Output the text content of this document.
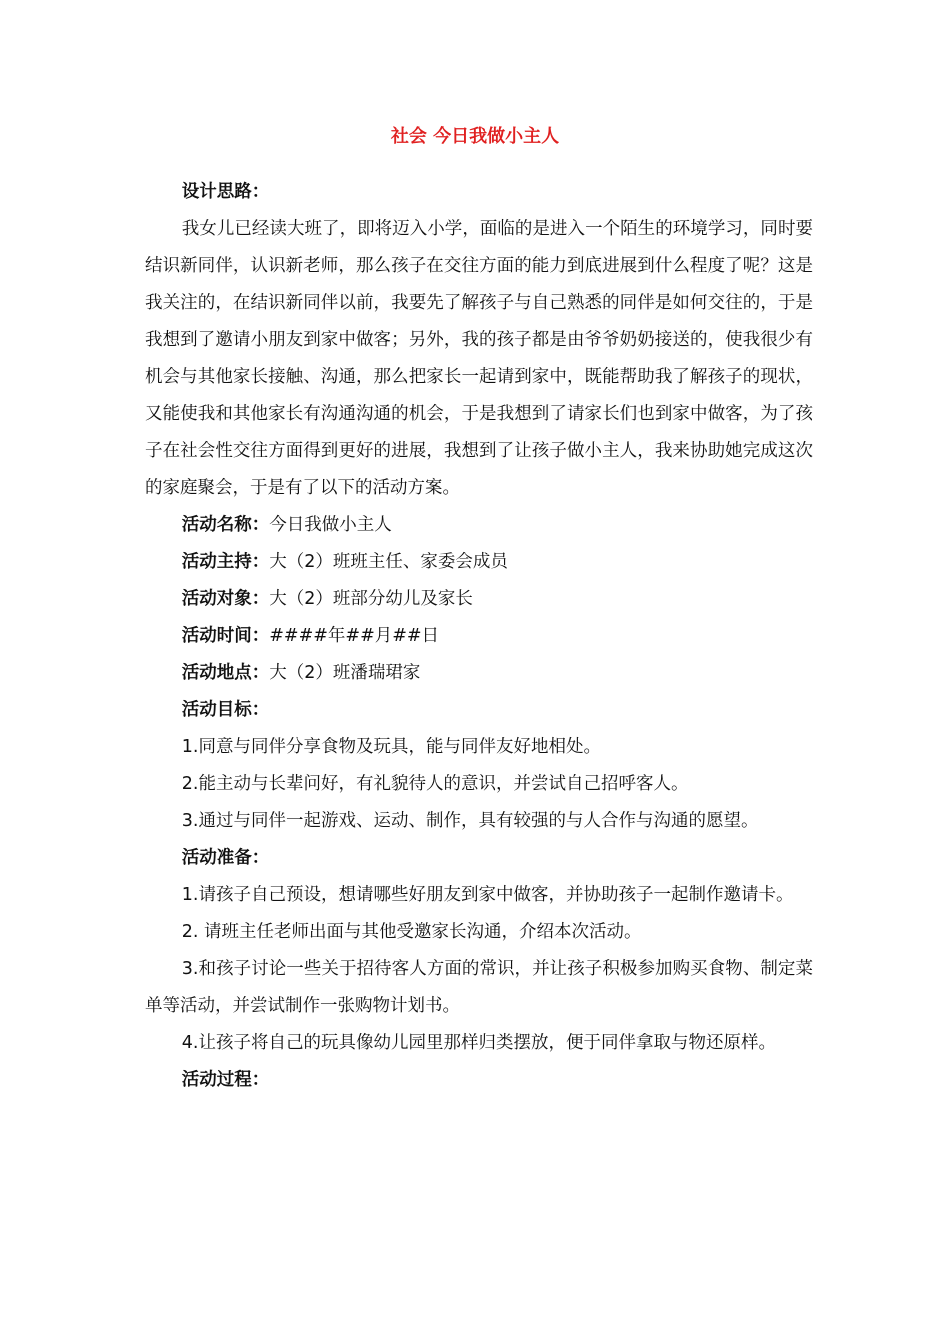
社会 今日我做小主人

设计思路：

我女儿已经读大班了，即将迈入小学，面临的是进入一个陌生的环境学习，同时要结识新同伴，认识新老师，那么孩子在交往方面的能力到底进展到什么程度了呢？这是我关注的，在结识新同伴以前，我要先了解孩子与自己熟悉的同伴是如何交往的，于是我想到了邀请小朋友到家中做客；另外，我的孩子都是由爷爷奶奶接送的，使我很少有机会与其他家长接触、沟通，那么把家长一起请到家中，既能帮助我了解孩子的现状，又能使我和其他家长有沟通沟通的机会，于是我想到了请家长们也到家中做客，为了孩子在社会性交往方面得到更好的进展，我想到了让孩子做小主人，我来协助她完成这次的家庭聚会，于是有了以下的活动方案。

活动名称：今日我做小主人

活动主持：大（2）班班主任、家委会成员

活动对象：大（2）班部分幼儿及家长

活动时间：####年##月##日

活动地点：大（2）班潘瑞珺家

活动目标：

1.同意与同伴分享食物及玩具，能与同伴友好地相处。

2.能主动与长辈问好，有礼貌待人的意识，并尝试自己招呼客人。

3.通过与同伴一起游戏、运动、制作，具有较强的与人合作与沟通的愿望。

活动准备：

1.请孩子自己预设，想请哪些好朋友到家中做客，并协助孩子一起制作邀请卡。

2. 请班主任老师出面与其他受邀家长沟通，介绍本次活动。

3.和孩子讨论一些关于招待客人方面的常识，并让孩子积极参加购买食物、制定菜单等活动，并尝试制作一张购物计划书。

4.让孩子将自己的玩具像幼儿园里那样归类摆放，便于同伴拿取与物还原样。

活动过程：
